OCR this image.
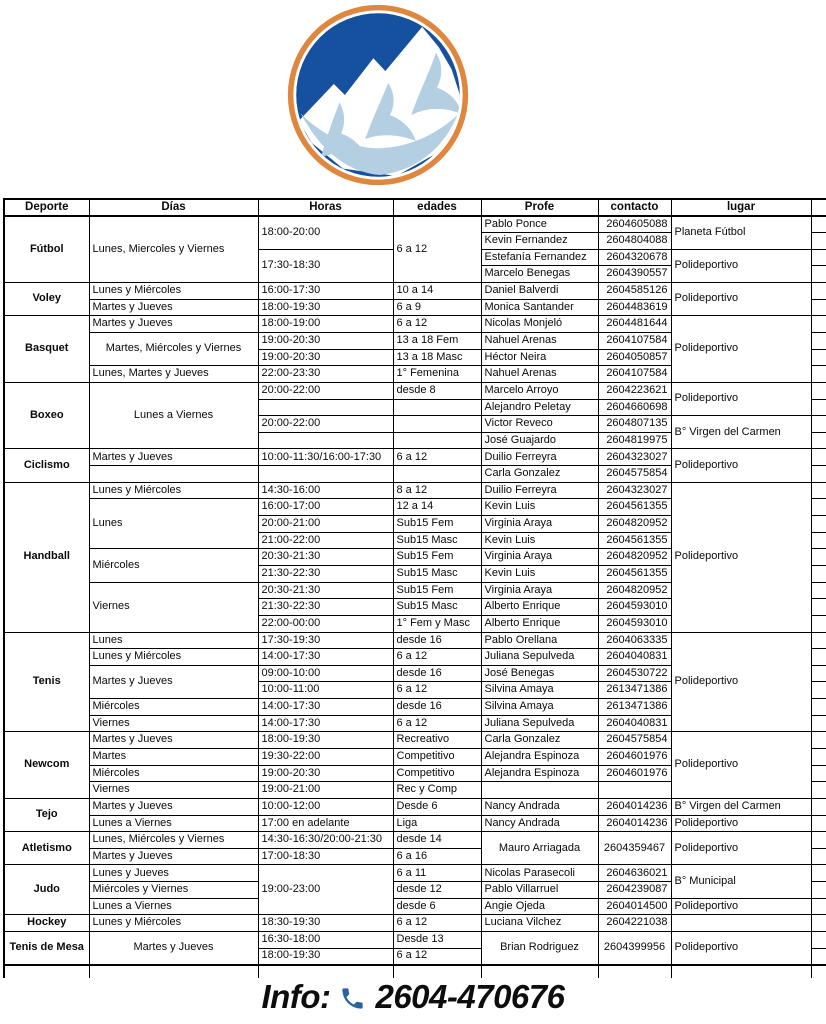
Deporte	Días	Horas	edades	Profe	contacto	lugar	
Fútbol	Lunes, Miercoles y Viernes	18:00-20:00	6 a 12	Pablo Ponce	2604605088	Planeta Fútbol	
				Kevin Fernandez	2604804088		
		17:30-18:30		Estefanía Fernandez	2604320678	Polideportivo	
				Marcelo Benegas	2604390557		
Voley	Lunes y Miércoles	16:00-17:30	10 a 14	Daniel Balverdi	2604585126	Polideportivo	
	Martes y Jueves	18:00-19:30	6 a 9	Monica Santander	2604483619		
Basquet	Martes y Jueves	18:00-19:00	6 a 12	Nicolas Monjeló	2604481644	Polideportivo	
	Martes, Miércoles y Viernes	19:00-20:30	13 a 18 Fem	Nahuel Arenas	2604107584		
		19:00-20:30	13 a 18 Masc	Héctor Neira	2604050857		
	Lunes, Martes y Jueves	22:00-23:30	1° Femenina	Nahuel Arenas	2604107584		
Boxeo	Lunes a Viernes	20:00-22:00	desde 8	Marcelo Arroyo	2604223621	Polideportivo	
				Alejandro Peletay	2604660698		
		20:00-22:00		Victor Reveco	2604807135	B° Virgen del Carmen	
				José Guajardo	2604819975		
Ciclismo	Martes y Jueves	10:00-11:30/16:00-17:30	6 a 12	Duilio Ferreyra	2604323027	Polideportivo	
				Carla Gonzalez	2604575854		
Handball	Lunes y Miércoles	14:30-16:00	8 a 12	Duilio Ferreyra	2604323027	Polideportivo	
	Lunes	16:00-17:00	12 a 14	Kevin Luis	2604561355		
		20:00-21:00	Sub15 Fem	Virginia Araya	2604820952		
		21:00-22:00	Sub15 Masc	Kevin Luis	2604561355		
	Miércoles	20:30-21:30	Sub15 Fem	Virginia Araya	2604820952		
		21:30-22:30	Sub15 Masc	Kevin Luis	2604561355		
	Viernes	20:30-21:30	Sub15 Fem	Virginia Araya	2604820952		
		21:30-22:30	Sub15 Masc	Alberto Enrique	2604593010		
		22:00-00:00	1° Fem y Masc	Alberto Enrique	2604593010		
Tenis	Lunes	17:30-19:30	desde 16	Pablo Orellana	2604063335	Polideportivo	
	Lunes y Miércoles	14:00-17:30	6 a 12	Juliana Sepulveda	2604040831		
	Martes y Jueves	09:00-10:00	desde 16	José Benegas	2604530722		
		10:00-11:00	6 a 12	Silvina Amaya	2613471386		
	Miércoles	14:00-17:30	desde 16	Silvina Amaya	2613471386		
	Viernes	14:00-17:30	6 a 12	Juliana Sepulveda	2604040831		
Newcom	Martes y Jueves	18:00-19:30	Recreativo	Carla Gonzalez	2604575854	Polideportivo	
	Martes	19:30-22:00	Competitivo	Alejandra Espinoza	2604601976		
	Miércoles	19:00-20:30	Competitivo	Alejandra Espinoza	2604601976		
	Viernes	19:00-21:00	Rec y Comp				
Tejo	Martes y Jueves	10:00-12:00	Desde 6	Nancy Andrada	2604014236	B° Virgen del Carmen	
	Lunes a Viernes	17:00 en adelante	Liga	Nancy Andrada	2604014236	Polideportivo	
Atletismo	Lunes, Miércoles y Viernes	14:30-16:30/20:00-21:30	desde 14	Mauro Arriagada	2604359467	Polideportivo	
	Martes y Jueves	17:00-18:30	6 a 16				
Judo	Lunes y Jueves	19:00-23:00	6 a 11	Nicolas Parasecoli	2604636021	B° Municipal	
	Miércoles y Viernes		desde 12	Pablo Villarruel	2604239087		
	Lunes a Viernes		desde 6	Angie Ojeda	2604014500	Polideportivo	
Hockey	Lunes y Miércoles	18:30-19:30	6 a 12	Luciana Vilchez	2604221038		
Tenis de Mesa	Martes y Jueves	16:30-18:00	Desde 13	Brian Rodriguez	2604399956	Polideportivo	
		18:00-19:30	6 a 12				

Info: 2604-470676
